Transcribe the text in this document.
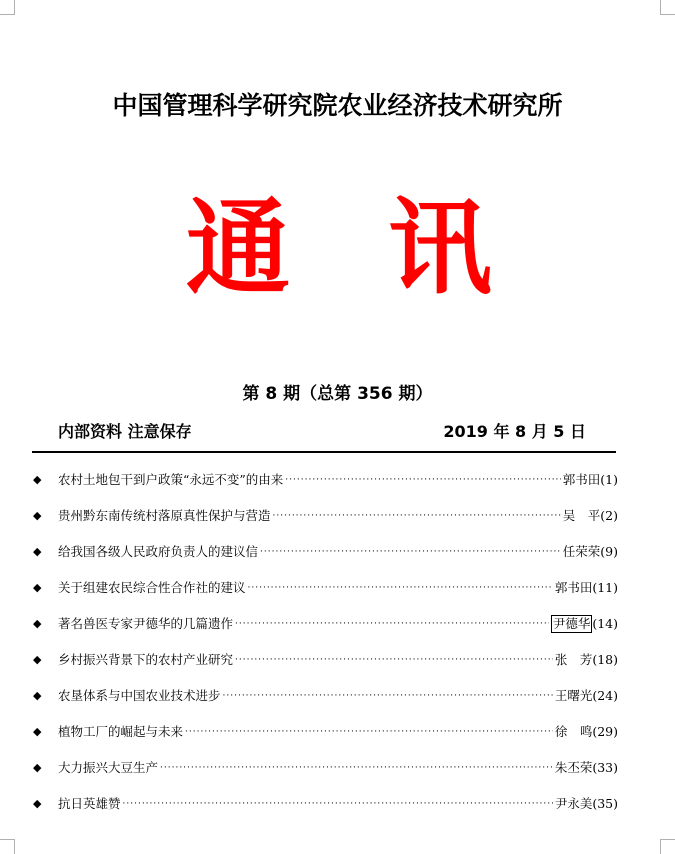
中国管理科学研究院农业经济技术研究所
通 讯
第 8 期（总第 356 期）
内部资料 注意保存	2019 年 8 月 5 日
◆ 农村土地包干到户政策“永远不变”的由来 ·····	郭书田 (1)
◆ 贵州黔东南传统村落原真性保护与营造 ·····	吴　平 (2)
◆ 给我国各级人民政府负责人的建议信 ·····	任荣荣 (9)
◆ 关于组建农民综合性合作社的建议 ·····	郭书田 (11)
◆ 著名兽医专家尹德华的几篇遗作 ·····	尹德华 (14)
◆ 乡村振兴背景下的农村产业研究 ·····	张　芳 (18)
◆ 农垦体系与中国农业技术进步 ·····	王曙光 (24)
◆ 植物工厂的崛起与未来 ·····	徐　鸣 (29)
◆ 大力振兴大豆生产 ·····	朱丕荣 (33)
◆ 抗日英雄赞 ·····	尹永美 (35)
